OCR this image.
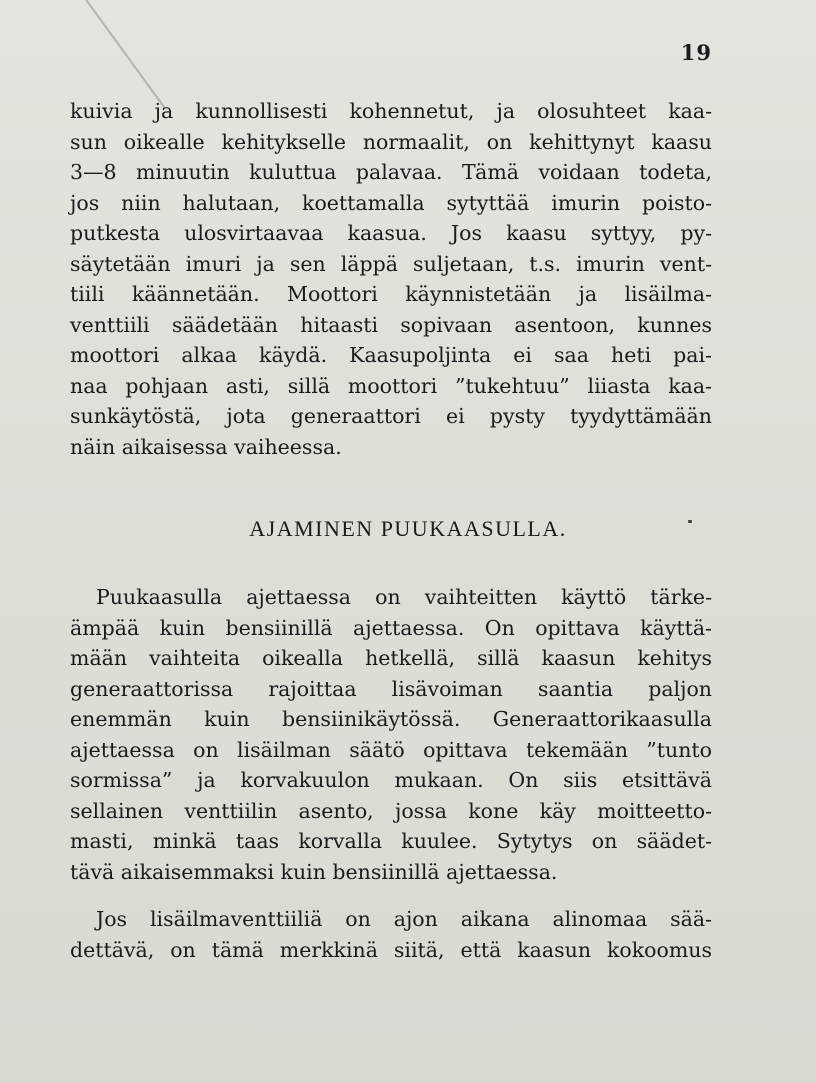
19
kuivia ja kunnollisesti kohennetut, ja olosuhteet kaa-
sun oikealle kehitykselle normaalit, on kehittynyt kaasu
3—8 minuutin kuluttua palavaa. Tämä voidaan todeta,
jos niin halutaan, koettamalla sytyttää imurin poisto-
putkesta ulosvirtaavaa kaasua. Jos kaasu syttyy, py-
säytetään imuri ja sen läppä suljetaan, t.s. imurin vent-
tiili käännetään. Moottori käynnistetään ja lisäilma-
venttiili säädetään hitaasti sopivaan asentoon, kunnes
moottori alkaa käydä. Kaasupoljinta ei saa heti pai-
naa pohjaan asti, sillä moottori ”tukehtuu” liiasta kaa-
sunkäytöstä, jota generaattori ei pysty tyydyttämään
näin aikaisessa vaiheessa.
AJAMINEN PUUKAASULLA.
Puukaasulla ajettaessa on vaihteitten käyttö tärke-
ämpää kuin bensiinillä ajettaessa. On opittava käyttä-
mään vaihteita oikealla hetkellä, sillä kaasun kehitys
generaattorissa rajoittaa lisävoiman saantia paljon
enemmän kuin bensiinikäytössä. Generaattorikaasulla
ajettaessa on lisäilman säätö opittava tekemään ”tunto
sormissa” ja korvakuulon mukaan. On siis etsittävä
sellainen venttiilin asento, jossa kone käy moitteetto-
masti, minkä taas korvalla kuulee. Sytytys on säädet-
tävä aikaisemmaksi kuin bensiinillä ajettaessa.
Jos lisäilmaventtiiliä on ajon aikana alinomaa sää-
dettävä, on tämä merkkinä siitä, että kaasun kokoomus
